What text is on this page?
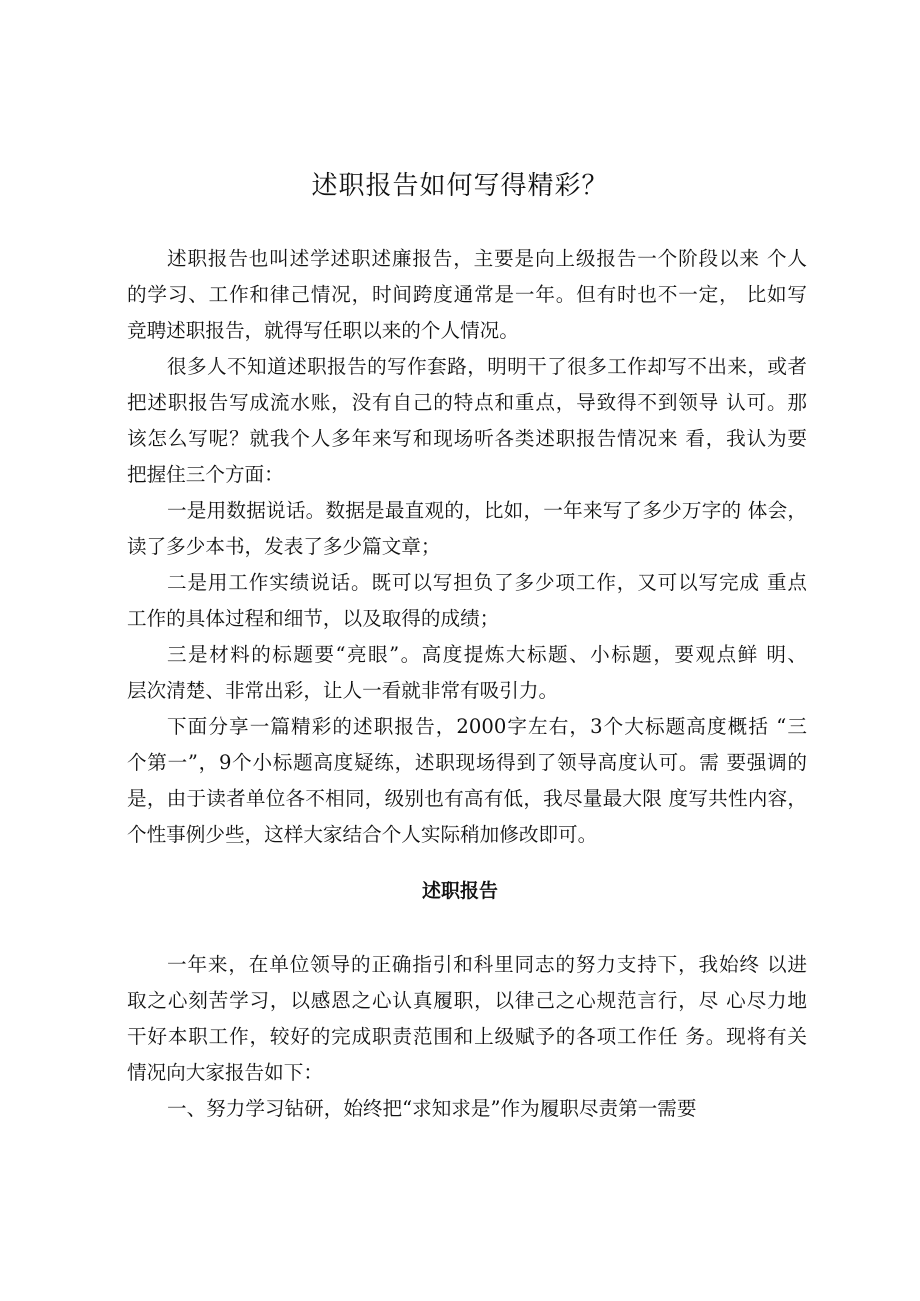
述职报告如何写得精彩？

述职报告也叫述学述职述廉报告，主要是向上级报告一个阶段以来 个人

的学习、工作和律己情况，时间跨度通常是一年。但有时也不一定， 比如写

竞聘述职报告，就得写任职以来的个人情况。

很多人不知道述职报告的写作套路，明明干了很多工作却写不出来，或者

把述职报告写成流水账，没有自己的特点和重点，导致得不到领导 认可。那

该怎么写呢？就我个人多年来写和现场听各类述职报告情况来 看，我认为要

把握住三个方面：

一是用数据说话。数据是最直观的，比如，一年来写了多少万字的 体会，

读了多少本书，发表了多少篇文章；

二是用工作实绩说话。既可以写担负了多少项工作，又可以写完成 重点

工作的具体过程和细节，以及取得的成绩；

三是材料的标题要“亮眼”。高度提炼大标题、小标题，要观点鲜 明、

层次清楚、非常出彩，让人一看就非常有吸引力。

下面分享一篇精彩的述职报告，2000字左右，3个大标题高度概括 “三

个第一”，9个小标题高度疑练，述职现场得到了领导高度认可。需 要强调的

是，由于读者单位各不相同，级别也有高有低，我尽量最大限 度写共性内容，

个性事例少些，这样大家结合个人实际稍加修改即可。

述职报告

一年来，在单位领导的正确指引和科里同志的努力支持下，我始终 以进

取之心刻苦学习，以感恩之心认真履职，以律己之心规范言行，尽 心尽力地

干好本职工作，较好的完成职责范围和上级赋予的各项工作任 务。现将有关

情况向大家报告如下：

一、努力学习钻研，始终把“求知求是”作为履职尽责第一需要
